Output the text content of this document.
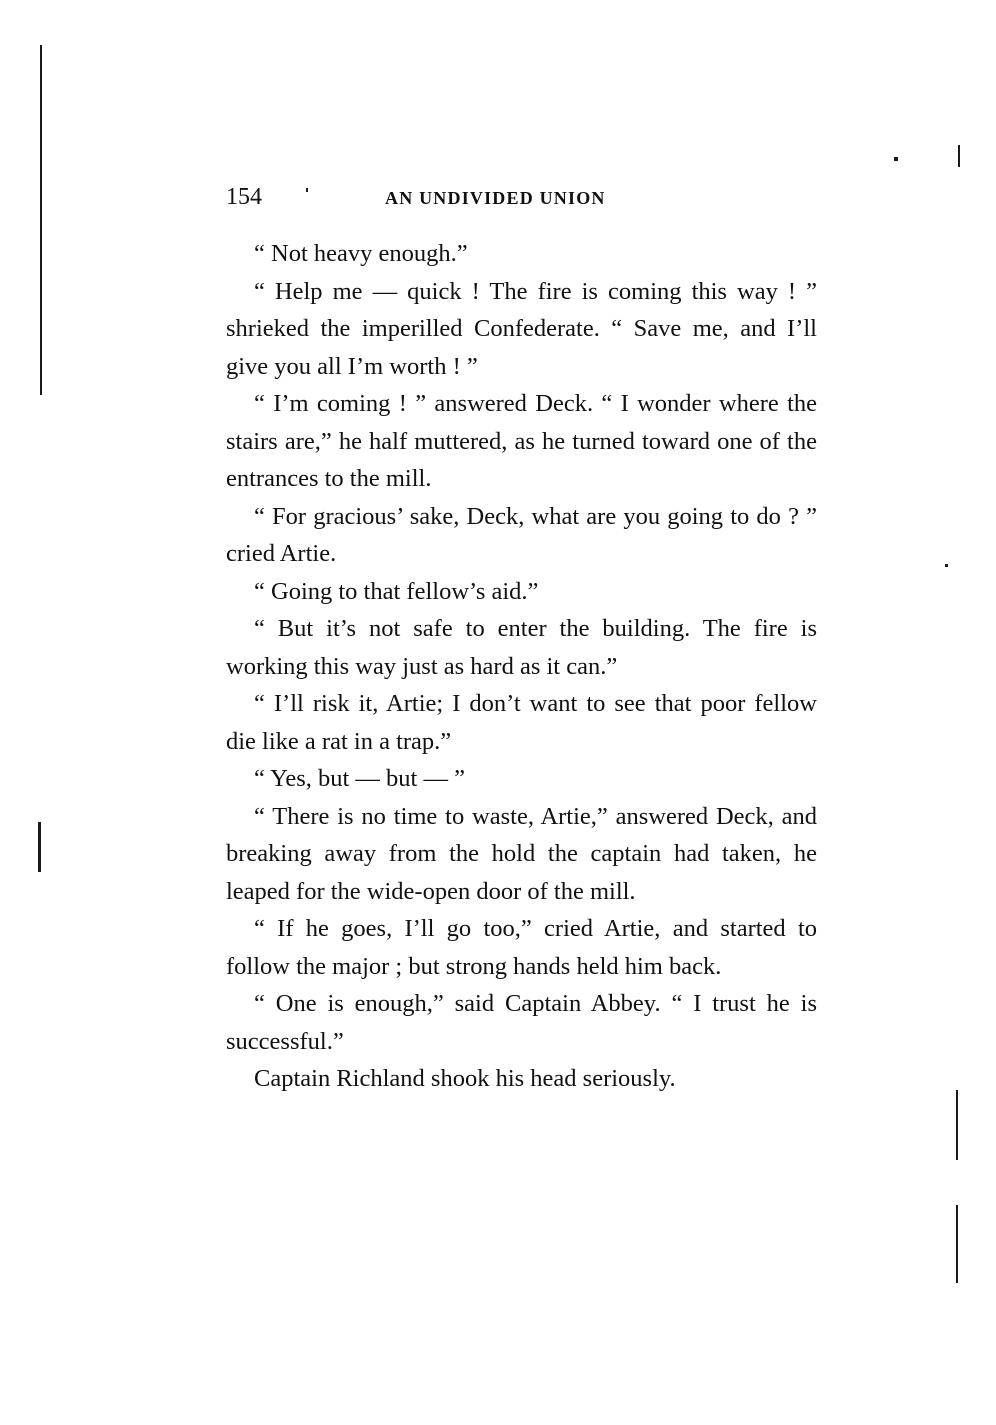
154	AN UNDIVIDED UNION

“ Not heavy enough.”

“ Help me — quick ! The fire is coming this way ! ” shrieked the imperilled Confederate. “ Save me, and I’ll give you all I’m worth ! ”

“ I’m coming ! ” answered Deck. “ I wonder where the stairs are,” he half muttered, as he turned toward one of the entrances to the mill.

“ For gracious’ sake, Deck, what are you going to do ? ” cried Artie.

“ Going to that fellow’s aid.”

“ But it’s not safe to enter the building. The fire is working this way just as hard as it can.”

“ I’ll risk it, Artie; I don’t want to see that poor fellow die like a rat in a trap.”

“ Yes, but — but — ”

“ There is no time to waste, Artie,” answered Deck, and breaking away from the hold the captain had taken, he leaped for the wide-open door of the mill.

“ If he goes, I’ll go too,” cried Artie, and started to follow the major ; but strong hands held him back.

“ One is enough,” said Captain Abbey. “ I trust he is successful.”

Captain Richland shook his head seriously.
